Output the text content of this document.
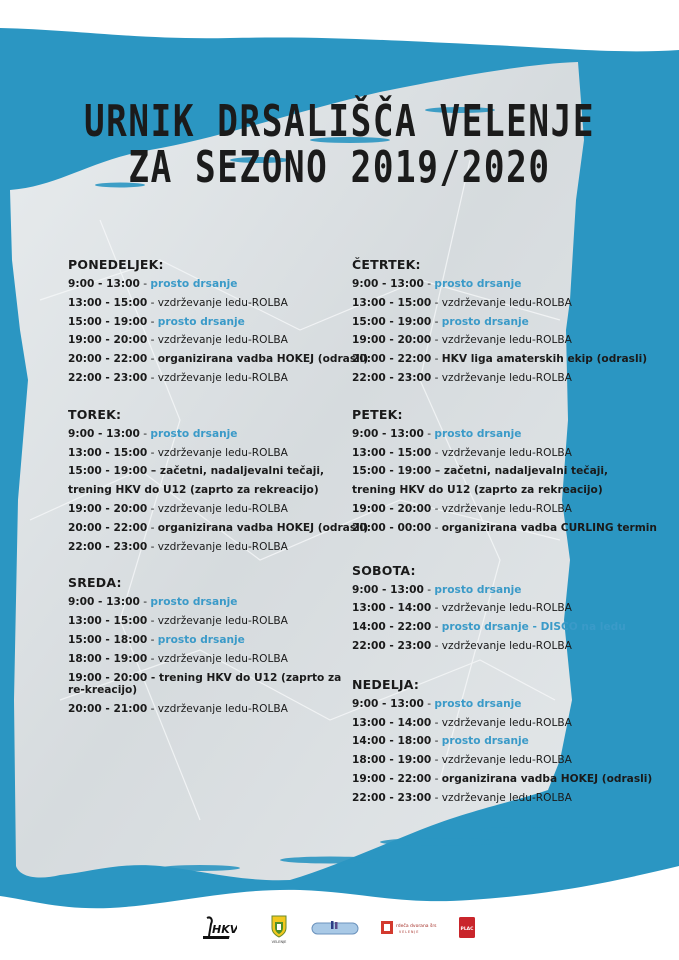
URNIK DRSALIŠČA VELENJE
ZA SEZONO 2019/2020
PONEDELJEK:
9:00 - 13:00 - prosto drsanje
13:00 - 15:00 - vzdrževanje ledu-ROLBA
15:00 - 19:00 - prosto drsanje
19:00 - 20:00 - vzdrževanje ledu-ROLBA
20:00 - 22:00 - organizirana vadba HOKEJ (odrasli)
22:00 - 23:00 - vzdrževanje ledu-ROLBA
TOREK:
9:00 - 13:00 - prosto drsanje
13:00 - 15:00 - vzdrževanje ledu-ROLBA
15:00 - 19:00 – začetni, nadaljevalni tečaji, trening HKV do U12 (zaprto za rekreacijo)
19:00 - 20:00 - vzdrževanje ledu-ROLBA
20:00 - 22:00 - organizirana vadba HOKEJ (odrasli)
22:00 - 23:00 - vzdrževanje ledu-ROLBA
SREDA:
9:00 - 13:00 - prosto drsanje
13:00 - 15:00 - vzdrževanje ledu-ROLBA
15:00 - 18:00 - prosto drsanje
18:00 - 19:00 - vzdrževanje ledu-ROLBA
19:00 - 20:00 - trening HKV do U12 (zaprto za re-kreacijo)
20:00 - 21:00 - vzdrževanje ledu-ROLBA
ČETRTEK:
9:00 - 13:00 - prosto drsanje
13:00 - 15:00 - vzdrževanje ledu-ROLBA
15:00 - 19:00 - prosto drsanje
19:00 - 20:00 - vzdrževanje ledu-ROLBA
20:00 - 22:00 - HKV liga amaterskih ekip (odrasli)
22:00 - 23:00 - vzdrževanje ledu-ROLBA
PETEK:
9:00 - 13:00 - prosto drsanje
13:00 - 15:00 - vzdrževanje ledu-ROLBA
15:00 - 19:00 – začetni, nadaljevalni tečaji, trening HKV do U12 (zaprto za rekreacijo)
19:00 - 20:00 - vzdrževanje ledu-ROLBA
20:00 - 00:00 - organizirana vadba CURLING termin
SOBOTA:
9:00 - 13:00 - prosto drsanje
13:00 - 14:00 - vzdrževanje ledu-ROLBA
14:00 - 22:00 - prosto drsanje - DISCO na ledu
22:00 - 23:00 - vzdrževanje ledu-ROLBA
NEDELJA:
9:00 - 13:00 - prosto drsanje
13:00 - 14:00 - vzdrževanje ledu-ROLBA
14:00 - 18:00 - prosto drsanje
18:00 - 19:00 - vzdrževanje ledu-ROLBA
19:00 - 22:00 - organizirana vadba HOKEJ (odrasli)
22:00 - 23:00 - vzdrževanje ledu-ROLBA
HKV
VELENJE
rdeča dvorana šrs
V E L E N J E	PLAC
